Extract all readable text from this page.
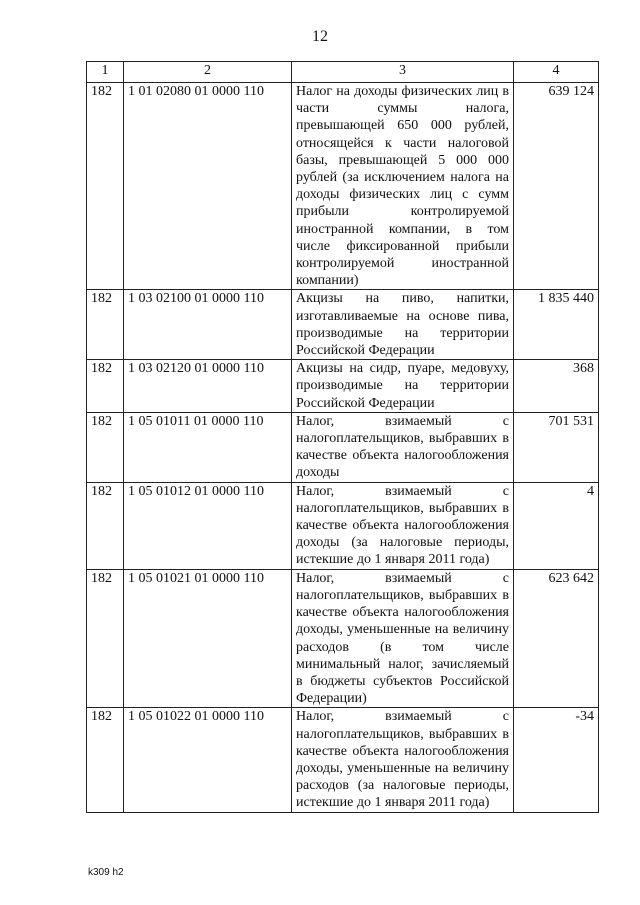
12
1	2	3	4
182	1 01 02080 01 0000 110	Налог на доходы физических лиц в части суммы налога, превышающей 650 000 рублей, относящейся к части налоговой базы, превышающей 5 000 000 рублей (за исключением налога на доходы физических лиц с сумм прибыли контролируемой иностранной компании, в том числе фиксированной прибыли контролируемой иностранной компании)	639 124
182	1 03 02100 01 0000 110	Акцизы на пиво, напитки, изготавливаемые на основе пива, производимые на территории Российской Федерации	1 835 440
182	1 03 02120 01 0000 110	Акцизы на сидр, пуаре, медовуху, производимые на территории Российской Федерации	368
182	1 05 01011 01 0000 110	Налог, взимаемый с налогоплательщиков, выбравших в качестве объекта налогообложения доходы	701 531
182	1 05 01012 01 0000 110	Налог, взимаемый с налогоплательщиков, выбравших в качестве объекта налогообложения доходы (за налоговые периоды, истекшие до 1 января 2011 года)	4
182	1 05 01021 01 0000 110	Налог, взимаемый с налогоплательщиков, выбравших в качестве объекта налогообложения доходы, уменьшенные на величину расходов (в том числе минимальный налог, зачисляемый в бюджеты субъектов Российской Федерации)	623 642
182	1 05 01022 01 0000 110	Налог, взимаемый с налогоплательщиков, выбравших в качестве объекта налогообложения доходы, уменьшенные на величину расходов (за налоговые периоды, истекшие до 1 января 2011 года)	-34
k309 h2
